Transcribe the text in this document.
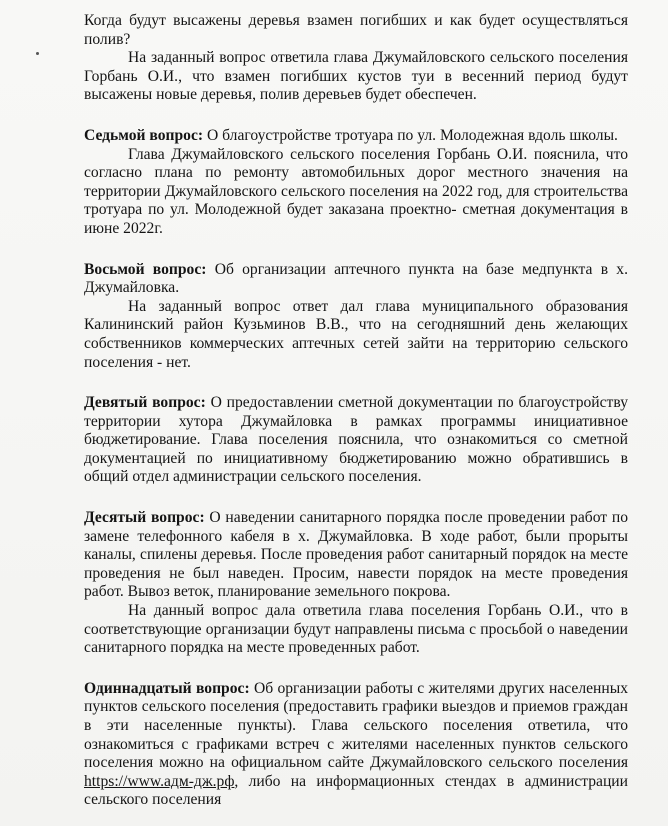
Когда будут высажены деревья взамен погибших и как будет осуществляться полив?

На заданный вопрос ответила глава Джумайловского сельского поселения Горбань О.И., что взамен погибших кустов туи в весенний период будут высажены новые деревья, полив деревьев будет обеспечен.

Седьмой вопрос: О благоустройстве тротуара по ул. Молодежная вдоль школы.

Глава Джумайловского сельского поселения Горбань О.И. пояснила, что согласно плана по ремонту автомобильных дорог местного значения на территории Джумайловского сельского поселения на 2022 год, для строительства тротуара по ул. Молодежной будет заказана проектно- сметная документация в июне 2022г.

Восьмой вопрос: Об организации аптечного пункта на базе медпункта в х. Джумайловка.

На заданный вопрос ответ дал глава муниципального образования Калининский район Кузьминов В.В., что на сегодняшний день желающих собственников коммерческих аптечных сетей зайти на территорию сельского поселения - нет.

Девятый вопрос: О предоставлении сметной документации по благоустройству территории хутора Джумайловка в рамках программы инициативное бюджетирование. Глава поселения пояснила, что ознакомиться со сметной документацией по инициативному бюджетированию можно обратившись в общий отдел администрации сельского поселения.

Десятый вопрос: О наведении санитарного порядка после проведении работ по замене телефонного кабеля в х. Джумайловка. В ходе работ, были прорыты каналы, спилены деревья. После проведения работ санитарный порядок на месте проведения не был наведен. Просим, навести порядок на месте проведения работ. Вывоз веток, планирование земельного покрова.

На данный вопрос дала ответила глава поселения Горбань О.И., что в соответствующие организации будут направлены письма с просьбой о наведении санитарного порядка на месте проведенных работ.

Одиннадцатый вопрос: Об организации работы с жителями других населенных пунктов сельского поселения (предоставить графики выездов и приемов граждан в эти населенные пункты). Глава сельского поселения ответила, что ознакомиться с графиками встреч с жителями населенных пунктов сельского поселения можно на официальном сайте Джумайловского сельского поселения https://www.адм-дж.рф, либо на информационных стендах в администрации сельского поселения
